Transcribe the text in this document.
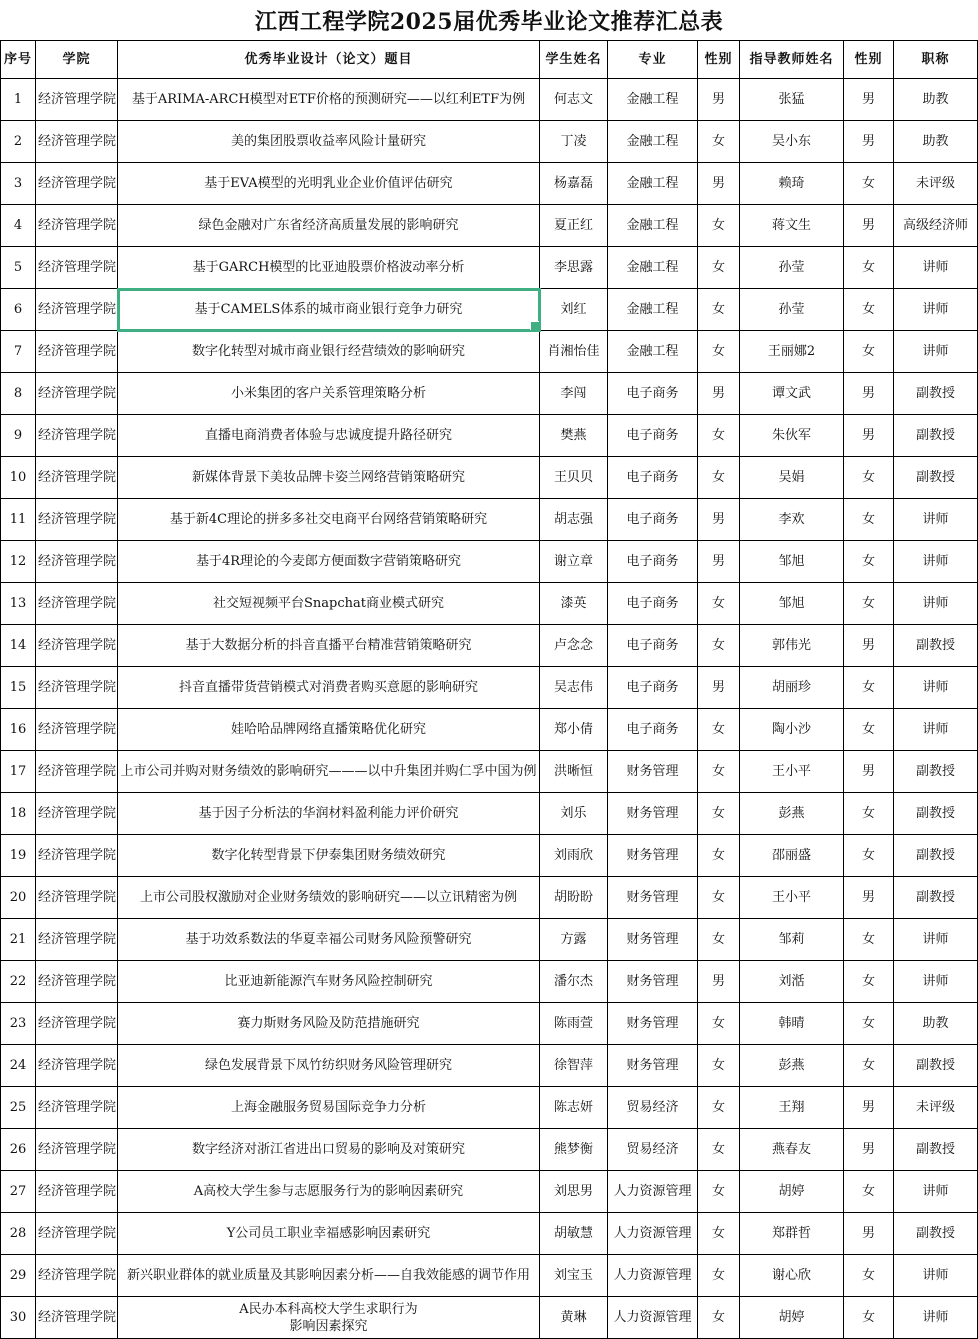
江西工程学院2025届优秀毕业论文推荐汇总表
序号	学院	优秀毕业设计（论文）题目	学生姓名	专业	性别	指导教师姓名	性别	职称
1	经济管理学院	基于ARIMA-ARCH模型对ETF价格的预测研究——以红利ETF为例	何志文	金融工程	男	张猛	男	助教
2	经济管理学院	美的集团股票收益率风险计量研究	丁凌	金融工程	女	吴小东	男	助教
3	经济管理学院	基于EVA模型的光明乳业企业价值评估研究	杨嘉磊	金融工程	男	赖琦	女	未评级
4	经济管理学院	绿色金融对广东省经济高质量发展的影响研究	夏正红	金融工程	女	蒋文生	男	高级经济师
5	经济管理学院	基于GARCH模型的比亚迪股票价格波动率分析	李思露	金融工程	女	孙莹	女	讲师
6	经济管理学院	基于CAMELS体系的城市商业银行竞争力研究	刘红	金融工程	女	孙莹	女	讲师
7	经济管理学院	数字化转型对城市商业银行经营绩效的影响研究	肖湘怡佳	金融工程	女	王丽娜2	女	讲师
8	经济管理学院	小米集团的客户关系管理策略分析	李闯	电子商务	男	谭文武	男	副教授
9	经济管理学院	直播电商消费者体验与忠诚度提升路径研究	樊燕	电子商务	女	朱伙军	男	副教授
10	经济管理学院	新媒体背景下美妆品牌卡姿兰网络营销策略研究	王贝贝	电子商务	女	吴娟	女	副教授
11	经济管理学院	基于新4C理论的拼多多社交电商平台网络营销策略研究	胡志强	电子商务	男	李欢	女	讲师
12	经济管理学院	基于4R理论的今麦郎方便面数字营销策略研究	谢立章	电子商务	男	邹旭	女	讲师
13	经济管理学院	社交短视频平台Snapchat商业模式研究	漆英	电子商务	女	邹旭	女	讲师
14	经济管理学院	基于大数据分析的抖音直播平台精准营销策略研究	卢念念	电子商务	女	郭伟光	男	副教授
15	经济管理学院	抖音直播带货营销模式对消费者购买意愿的影响研究	吴志伟	电子商务	男	胡丽珍	女	讲师
16	经济管理学院	娃哈哈品牌网络直播策略优化研究	郑小倩	电子商务	女	陶小沙	女	讲师
17	经济管理学院	上市公司并购对财务绩效的影响研究———以中升集团并购仁孚中国为例	洪晰恒	财务管理	女	王小平	男	副教授
18	经济管理学院	基于因子分析法的华润材料盈利能力评价研究	刘乐	财务管理	女	彭燕	女	副教授
19	经济管理学院	数字化转型背景下伊泰集团财务绩效研究	刘雨欣	财务管理	女	邵丽盛	女	副教授
20	经济管理学院	上市公司股权激励对企业财务绩效的影响研究——以立讯精密为例	胡盼盼	财务管理	女	王小平	男	副教授
21	经济管理学院	基于功效系数法的华夏幸福公司财务风险预警研究	方露	财务管理	女	邹莉	女	讲师
22	经济管理学院	比亚迪新能源汽车财务风险控制研究	潘尔杰	财务管理	男	刘湉	女	讲师
23	经济管理学院	赛力斯财务风险及防范措施研究	陈雨萱	财务管理	女	韩晴	女	助教
24	经济管理学院	绿色发展背景下凤竹纺织财务风险管理研究	徐智萍	财务管理	女	彭燕	女	副教授
25	经济管理学院	上海金融服务贸易国际竞争力分析	陈志妍	贸易经济	女	王翔	男	未评级
26	经济管理学院	数字经济对浙江省进出口贸易的影响及对策研究	熊梦衡	贸易经济	女	燕春友	男	副教授
27	经济管理学院	A高校大学生参与志愿服务行为的影响因素研究	刘思男	人力资源管理	女	胡婷	女	讲师
28	经济管理学院	Y公司员工职业幸福感影响因素研究	胡敏慧	人力资源管理	女	郑群哲	男	副教授
29	经济管理学院	新兴职业群体的就业质量及其影响因素分析——自我效能感的调节作用	刘宝玉	人力资源管理	女	谢心欣	女	讲师
30	经济管理学院	A民办本科高校大学生求职行为
影响因素探究	黄琳	人力资源管理	女	胡婷	女	讲师
